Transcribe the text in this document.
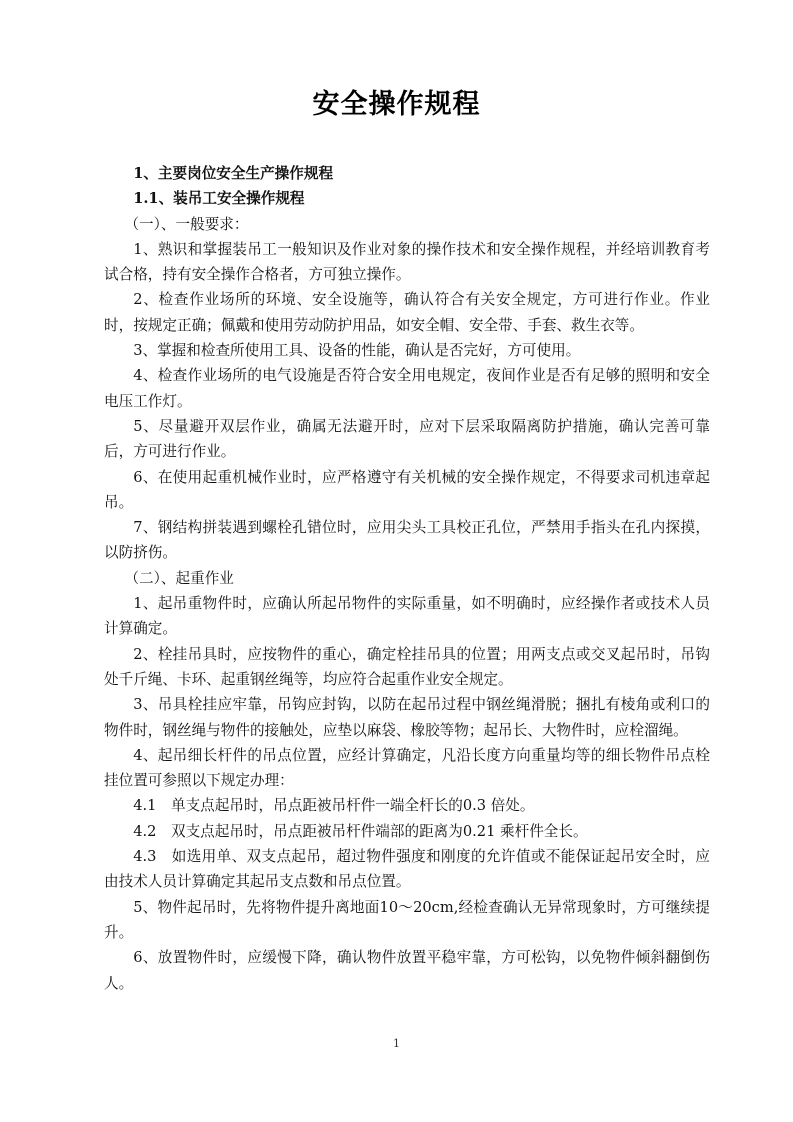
安全操作规程

1、主要岗位安全生产操作规程

1.1、装吊工安全操作规程

（一）、一般要求：

1、熟识和掌握装吊工一般知识及作业对象的操作技术和安全操作规程，并经培训教育考试合格，持有安全操作合格者，方可独立操作。

2、检查作业场所的环境、安全设施等，确认符合有关安全规定，方可进行作业。作业时，按规定正确；佩戴和使用劳动防护用品，如安全帽、安全带、手套、救生衣等。

3、掌握和检查所使用工具、设备的性能，确认是否完好，方可使用。

4、检查作业场所的电气设施是否符合安全用电规定，夜间作业是否有足够的照明和安全电压工作灯。

5、尽量避开双层作业，确属无法避开时，应对下层采取隔离防护措施，确认完善可靠后，方可进行作业。

6、在使用起重机械作业时，应严格遵守有关机械的安全操作规定，不得要求司机违章起吊。

7、钢结构拼装遇到螺栓孔错位时，应用尖头工具校正孔位，严禁用手指头在孔内探摸，以防挤伤。

（二）、起重作业

1、起吊重物件时，应确认所起吊物件的实际重量，如不明确时，应经操作者或技术人员计算确定。

2、栓挂吊具时，应按物件的重心，确定栓挂吊具的位置；用两支点或交叉起吊时，吊钩处千斤绳、卡环、起重钢丝绳等，均应符合起重作业安全规定。

3、吊具栓挂应牢靠，吊钩应封钩，以防在起吊过程中钢丝绳滑脱；捆扎有棱角或利口的物件时，钢丝绳与物件的接触处，应垫以麻袋、橡胶等物；起吊长、大物件时，应栓溜绳。

4、起吊细长杆件的吊点位置，应经计算确定，凡沿长度方向重量均等的细长物件吊点栓挂位置可参照以下规定办理：

4.1　单支点起吊时，吊点距被吊杆件一端全杆长的0.3 倍处。

4.2　双支点起吊时，吊点距被吊杆件端部的距离为0.21 乘杆件全长。

4.3　如选用单、双支点起吊，超过物件强度和刚度的允许值或不能保证起吊安全时，应由技术人员计算确定其起吊支点数和吊点位置。

5、物件起吊时，先将物件提升离地面10～20cm,经检查确认无异常现象时，方可继续提升。

6、放置物件时，应缓慢下降，确认物件放置平稳牢靠，方可松钩，以免物件倾斜翻倒伤人。

1
